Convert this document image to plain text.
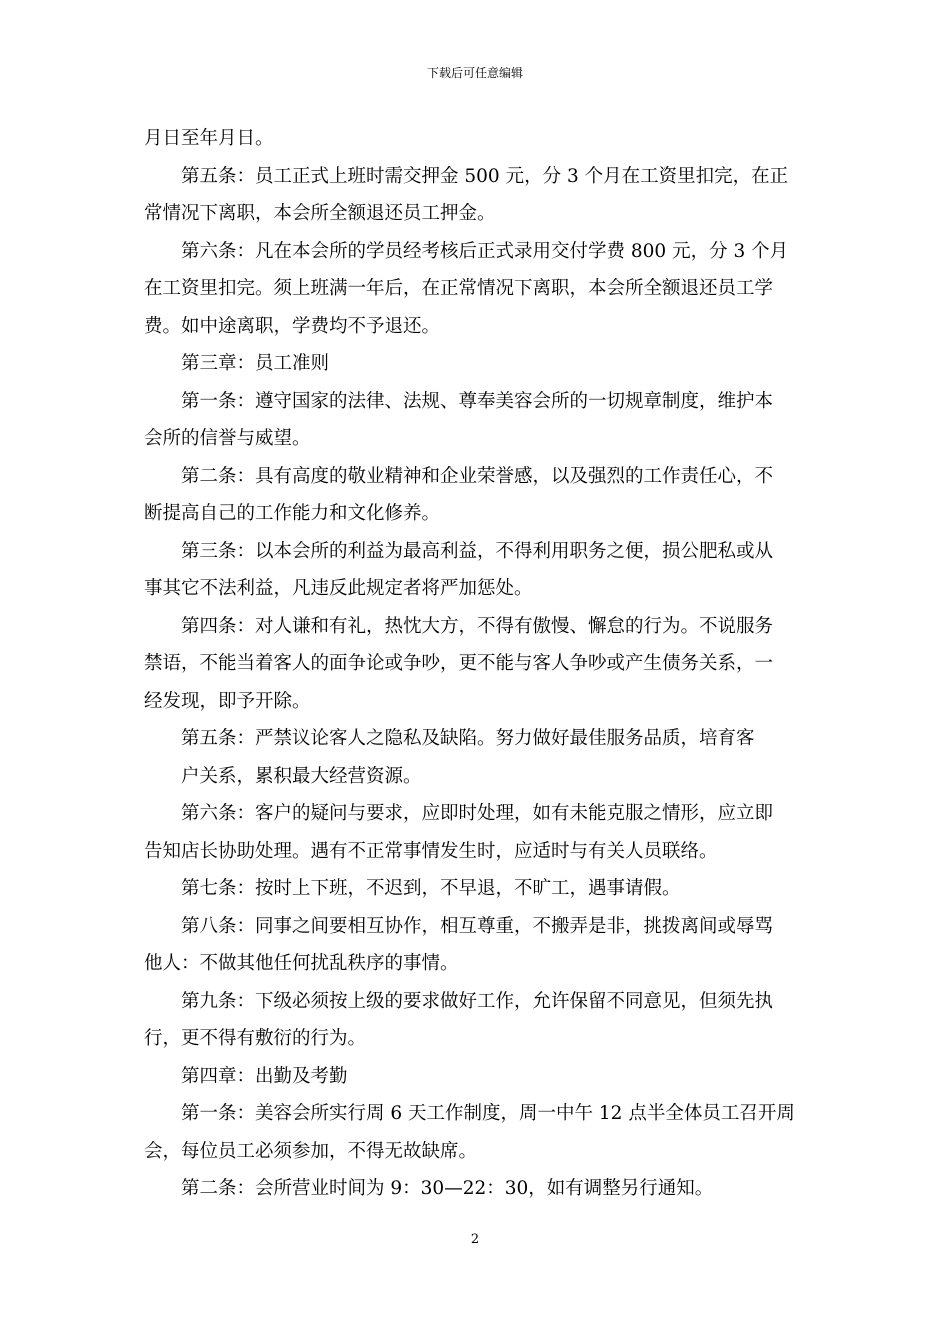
下载后可任意编辑
月日至年月日。
第五条：员工正式上班时需交押金 500 元，分 3 个月在工资里扣完，在正
常情况下离职，本会所全额退还员工押金。
第六条：凡在本会所的学员经考核后正式录用交付学费 800 元，分 3 个月
在工资里扣完。须上班满一年后，在正常情况下离职，本会所全额退还员工学
费。如中途离职，学费均不予退还。
第三章：员工准则
第一条：遵守国家的法律、法规、尊奉美容会所的一切规章制度，维护本
会所的信誉与威望。
第二条：具有高度的敬业精神和企业荣誉感，以及强烈的工作责任心，不
断提高自己的工作能力和文化修养。
第三条：以本会所的利益为最高利益，不得利用职务之便，损公肥私或从
事其它不法利益，凡违反此规定者将严加惩处。
第四条：对人谦和有礼，热忱大方，不得有傲慢、懈怠的行为。不说服务
禁语，不能当着客人的面争论或争吵，更不能与客人争吵或产生债务关系，一
经发现，即予开除。
第五条：严禁议论客人之隐私及缺陷。努力做好最佳服务品质，培育客
户关系，累积最大经营资源。
第六条：客户的疑问与要求，应即时处理，如有未能克服之情形，应立即
告知店长协助处理。遇有不正常事情发生时，应适时与有关人员联络。
第七条：按时上下班，不迟到，不早退，不旷工，遇事请假。
第八条：同事之间要相互协作，相互尊重，不搬弄是非，挑拨离间或辱骂
他人：不做其他任何扰乱秩序的事情。
第九条：下级必须按上级的要求做好工作，允许保留不同意见，但须先执
行，更不得有敷衍的行为。
第四章：出勤及考勤
第一条：美容会所实行周 6 天工作制度，周一中午 12 点半全体员工召开周
会，每位员工必须参加，不得无故缺席。
第二条：会所营业时间为 9：30—22：30，如有调整另行通知。
2
